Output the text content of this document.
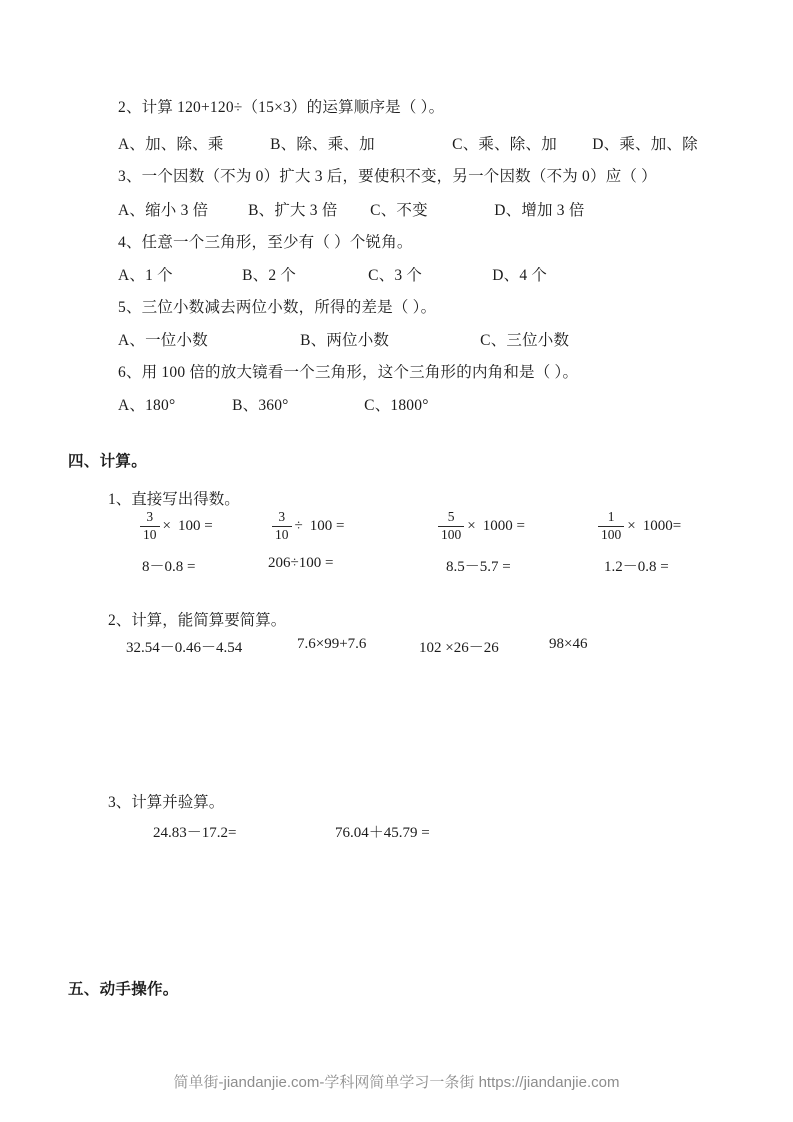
2、计算 120+120÷（15×3）的运算顺序是（ ）。
A、加、除、乘	B、除、乘、加	C、乘、除、加 D、乘、加、除
3、一个因数（不为 0）扩大 3 后，要使积不变，另一个因数（不为 0）应（ ）
A、缩小 3 倍	B、扩大 3 倍 C、不变	D、增加 3 倍
4、任意一个三角形，至少有（ ）个锐角。
A、1 个	B、2 个	C、3 个	D、4 个
5、三位小数减去两位小数，所得的差是（ ）。
A、一位小数	B、两位小数	C、三位小数
6、用 100 倍的放大镜看一个三角形，这个三角形的内角和是（ ）。
A、180°	B、360°	C、1800°
四、计算。
1、直接写出得数。
$\frac{3}{10} \times 100$ =	$\frac{3}{10} \div 100$ =	$\frac{5}{100} \times 1000$ =	$\frac{1}{100} \times 1000=$
8－0.8 =	206÷100 =	8.5－5.7 =	1.2－0.8 =
2、计算，能简算要简算。
32.54－0.46－4.54	7.6×99+7.6	102 ×26－26	98×46
3、计算并验算。
24.83－17.2=	76.04＋45.79 =
五、动手操作。
简单街-jiandanjie.com-学科网简单学习一条街 https://jiandanjie.com
